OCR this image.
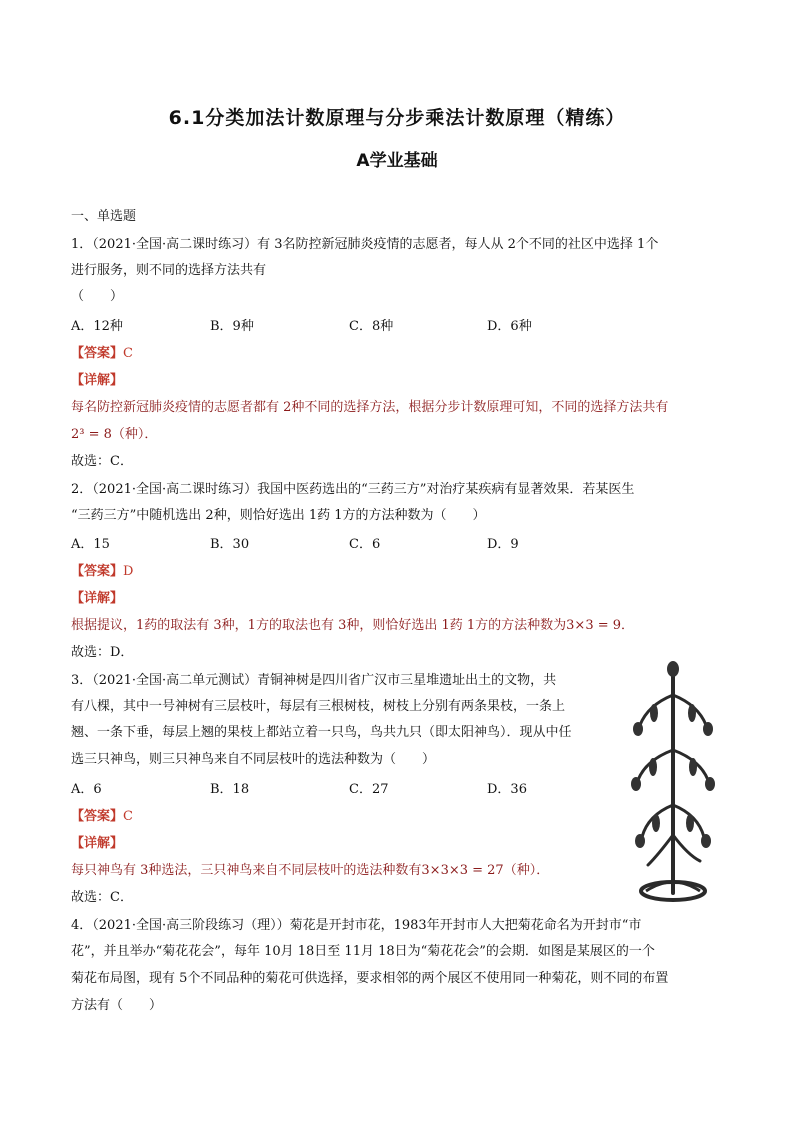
6.1分类加法计数原理与分步乘法计数原理（精练）
A学业基础
一、单选题
1．（2021·全国·高二课时练习）有 3名防控新冠肺炎疫情的志愿者，每人从 2个不同的社区中选择 1个
进行服务，则不同的选择方法共有
（　　）
A．12种	B．9种	C．8种	D．6种
【答案】C
【详解】
每名防控新冠肺炎疫情的志愿者都有 2种不同的选择方法，根据分步计数原理可知，不同的选择方法共有
2³ = 8（种）．
故选：C．
2．（2021·全国·高二课时练习）我国中医药选出的“三药三方”对治疗某疾病有显著效果．若某医生
“三药三方”中随机选出 2种，则恰好选出 1药 1方的方法种数为（　　）
A．15	B．30	C．6	D．9
【答案】D
【详解】
根据提议，1药的取法有 3种，1方的取法也有 3种，则恰好选出 1药 1方的方法种数为3×3 = 9．
故选：D．
3．（2021·全国·高二单元测试）青铜神树是四川省广汉市三星堆遗址出土的文物，共
有八棵，其中一号神树有三层枝叶，每层有三根树枝，树枝上分别有两条果枝，一条上
翘、一条下垂，每层上翘的果枝上都站立着一只鸟，鸟共九只（即太阳神鸟）．现从中任
选三只神鸟，则三只神鸟来自不同层枝叶的选法种数为（　　）
A．6	B．18	C．27	D．36
【答案】C
【详解】
每只神鸟有 3种选法，三只神鸟来自不同层枝叶的选法种数有3×3×3 = 27（种）．
故选：C．
4．（2021·全国·高三阶段练习（理））菊花是开封市花，1983年开封市人大把菊花命名为开封市“市
花”，并且举办“菊花花会”，每年 10月 18日至 11月 18日为“菊花花会”的会期．如图是某展区的一个
菊花布局图，现有 5个不同品种的菊花可供选择，要求相邻的两个展区不使用同一种菊花，则不同的布置
方法有（　　）
